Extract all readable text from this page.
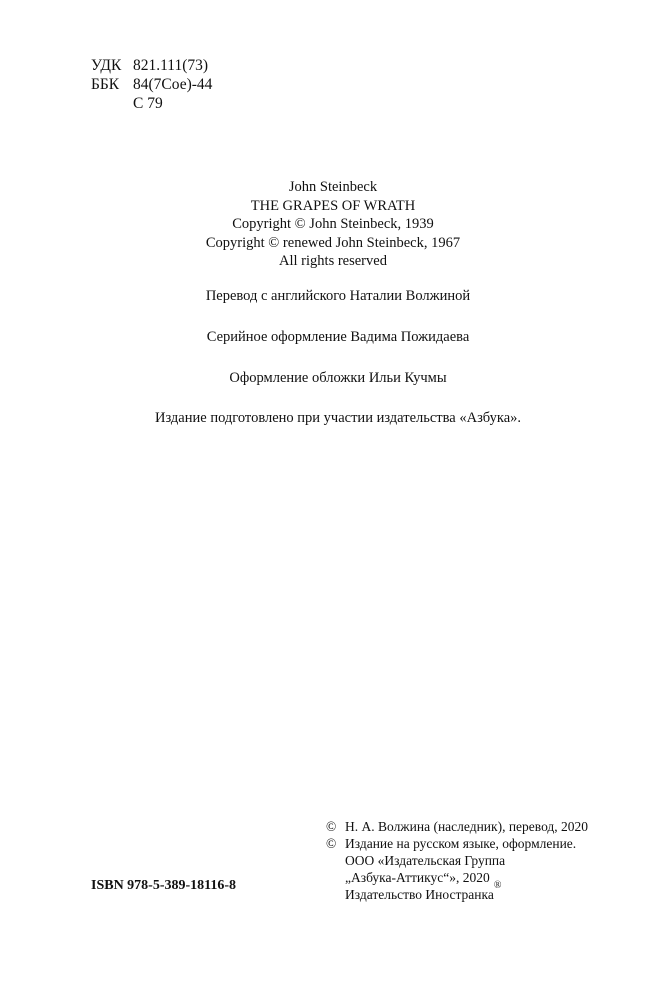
УДК 821.111(73)
ББК 84(7Сое)-44
С 79
John Steinbeck
THE GRAPES OF WRATH
Copyright © John Steinbeck, 1939
Copyright © renewed John Steinbeck, 1967
All rights reserved
Перевод с английского Наталии Волжиной
Серийное оформление Вадима Пожидаева
Оформление обложки Ильи Кучмы
Издание подготовлено при участии издательства «Азбука».
© Н. А. Волжина (наследник), перевод, 2020
© Издание на русском языке, оформление.
ООО «Издательская Группа
„Азбука-Аттикус“», 2020
Издательство Иностранка
®
ISBN 978-5-389-18116-8
